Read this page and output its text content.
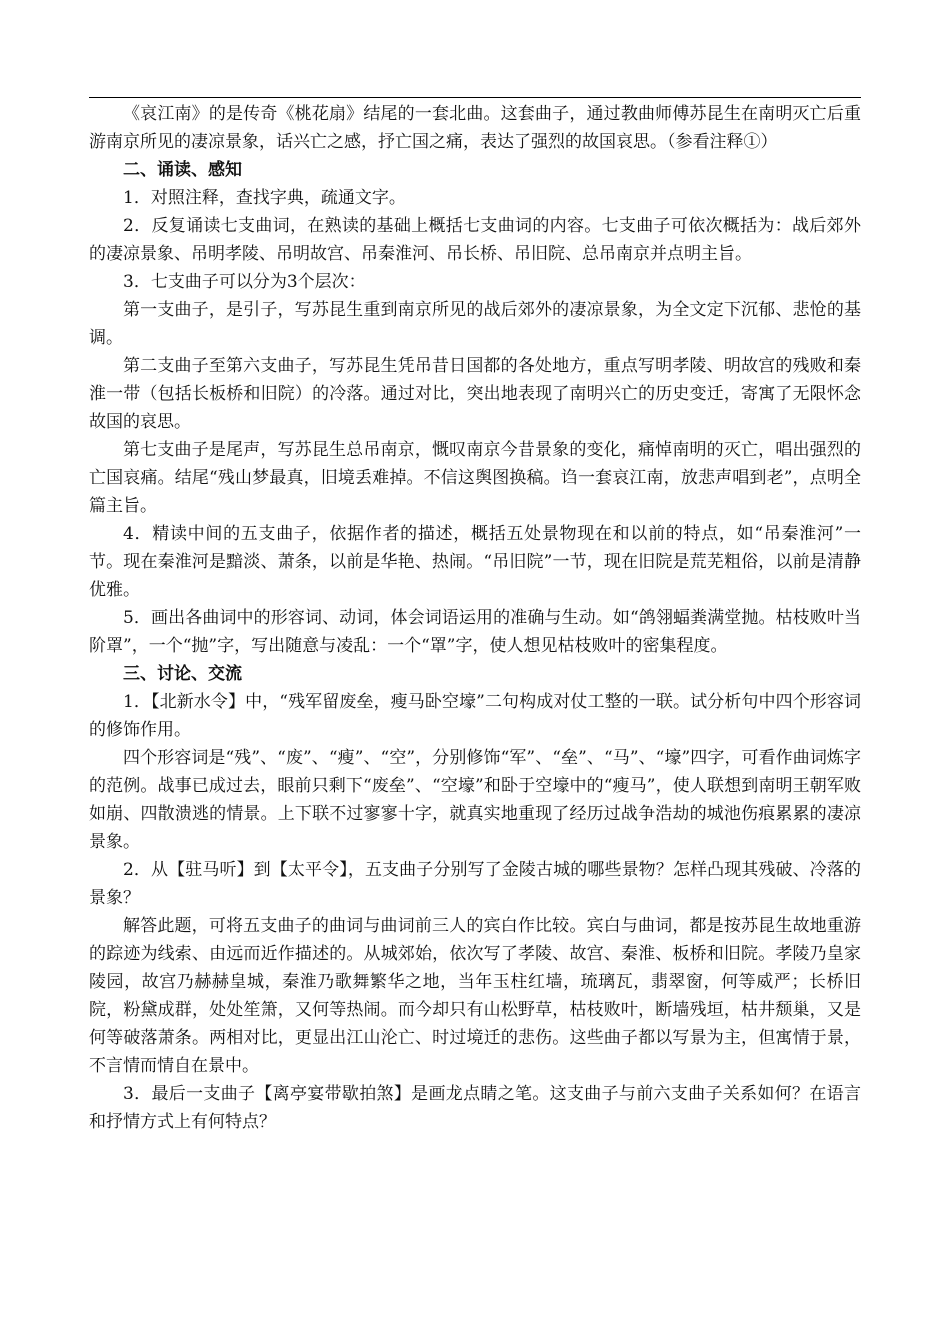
《哀江南》的是传奇《桃花扇》结尾的一套北曲。这套曲子，通过教曲师傅苏昆生在南明灭亡后重游南京所见的凄凉景象，话兴亡之感，抒亡国之痛，表达了强烈的故国哀思。（参看注释①）

二、诵读、感知

1．对照注释，查找字典，疏通文字。

2．反复诵读七支曲词，在熟读的基础上概括七支曲词的内容。七支曲子可依次概括为：战后郊外的凄凉景象、吊明孝陵、吊明故宫、吊秦淮河、吊长桥、吊旧院、总吊南京并点明主旨。

3．七支曲子可以分为3个层次：

第一支曲子，是引子，写苏昆生重到南京所见的战后郊外的凄凉景象，为全文定下沉郁、悲怆的基调。

第二支曲子至第六支曲子，写苏昆生凭吊昔日国都的各处地方，重点写明孝陵、明故宫的残败和秦淮一带（包括长板桥和旧院）的冷落。通过对比，突出地表现了南明兴亡的历史变迁，寄寓了无限怀念故国的哀思。

第七支曲子是尾声，写苏昆生总吊南京，慨叹南京今昔景象的变化，痛悼南明的灭亡，唱出强烈的亡国哀痛。结尾“残山梦最真，旧境丢难掉。不信这舆图换稿。诌一套哀江南，放悲声唱到老”，点明全篇主旨。

4．精读中间的五支曲子，依据作者的描述，概括五处景物现在和以前的特点，如“吊秦淮河”一节。现在秦淮河是黯淡、萧条，以前是华艳、热闹。“吊旧院”一节，现在旧院是荒芜粗俗，以前是清静优雅。

5．画出各曲词中的形容词、动词，体会词语运用的准确与生动。如“鸽翎蝠粪满堂抛。枯枝败叶当阶罩”，一个“抛”字，写出随意与凌乱：一个“罩”字，使人想见枯枝败叶的密集程度。

三、讨论、交流

1．【北新水令】中，“残军留废垒，瘦马卧空壕”二句构成对仗工整的一联。试分析句中四个形容词的修饰作用。

四个形容词是“残”、“废”、“瘦”、“空”，分别修饰“军”、“垒”、“马”、“壕”四字，可看作曲词炼字的范例。战事已成过去，眼前只剩下“废垒”、“空壕”和卧于空壕中的“瘦马”，使人联想到南明王朝军败如崩、四散溃逃的情景。上下联不过寥寥十字，就真实地重现了经历过战争浩劫的城池伤痕累累的凄凉景象。

2．从【驻马听】到【太平令】，五支曲子分别写了金陵古城的哪些景物？怎样凸现其残破、冷落的景象？

解答此题，可将五支曲子的曲词与曲词前三人的宾白作比较。宾白与曲词，都是按苏昆生故地重游的踪迹为线索、由远而近作描述的。从城郊始，依次写了孝陵、故宫、秦淮、板桥和旧院。孝陵乃皇家陵园，故宫乃赫赫皇城，秦淮乃歌舞繁华之地，当年玉柱红墙，琉璃瓦，翡翠窗，何等威严；长桥旧院，粉黛成群，处处笙箫，又何等热闹。而今却只有山松野草，枯枝败叶，断墙残垣，枯井颓巢，又是何等破落萧条。两相对比，更显出江山沦亡、时过境迁的悲伤。这些曲子都以写景为主，但寓情于景，不言情而情自在景中。

3．最后一支曲子【离亭宴带歇拍煞】是画龙点睛之笔。这支曲子与前六支曲子关系如何？在语言和抒情方式上有何特点？
